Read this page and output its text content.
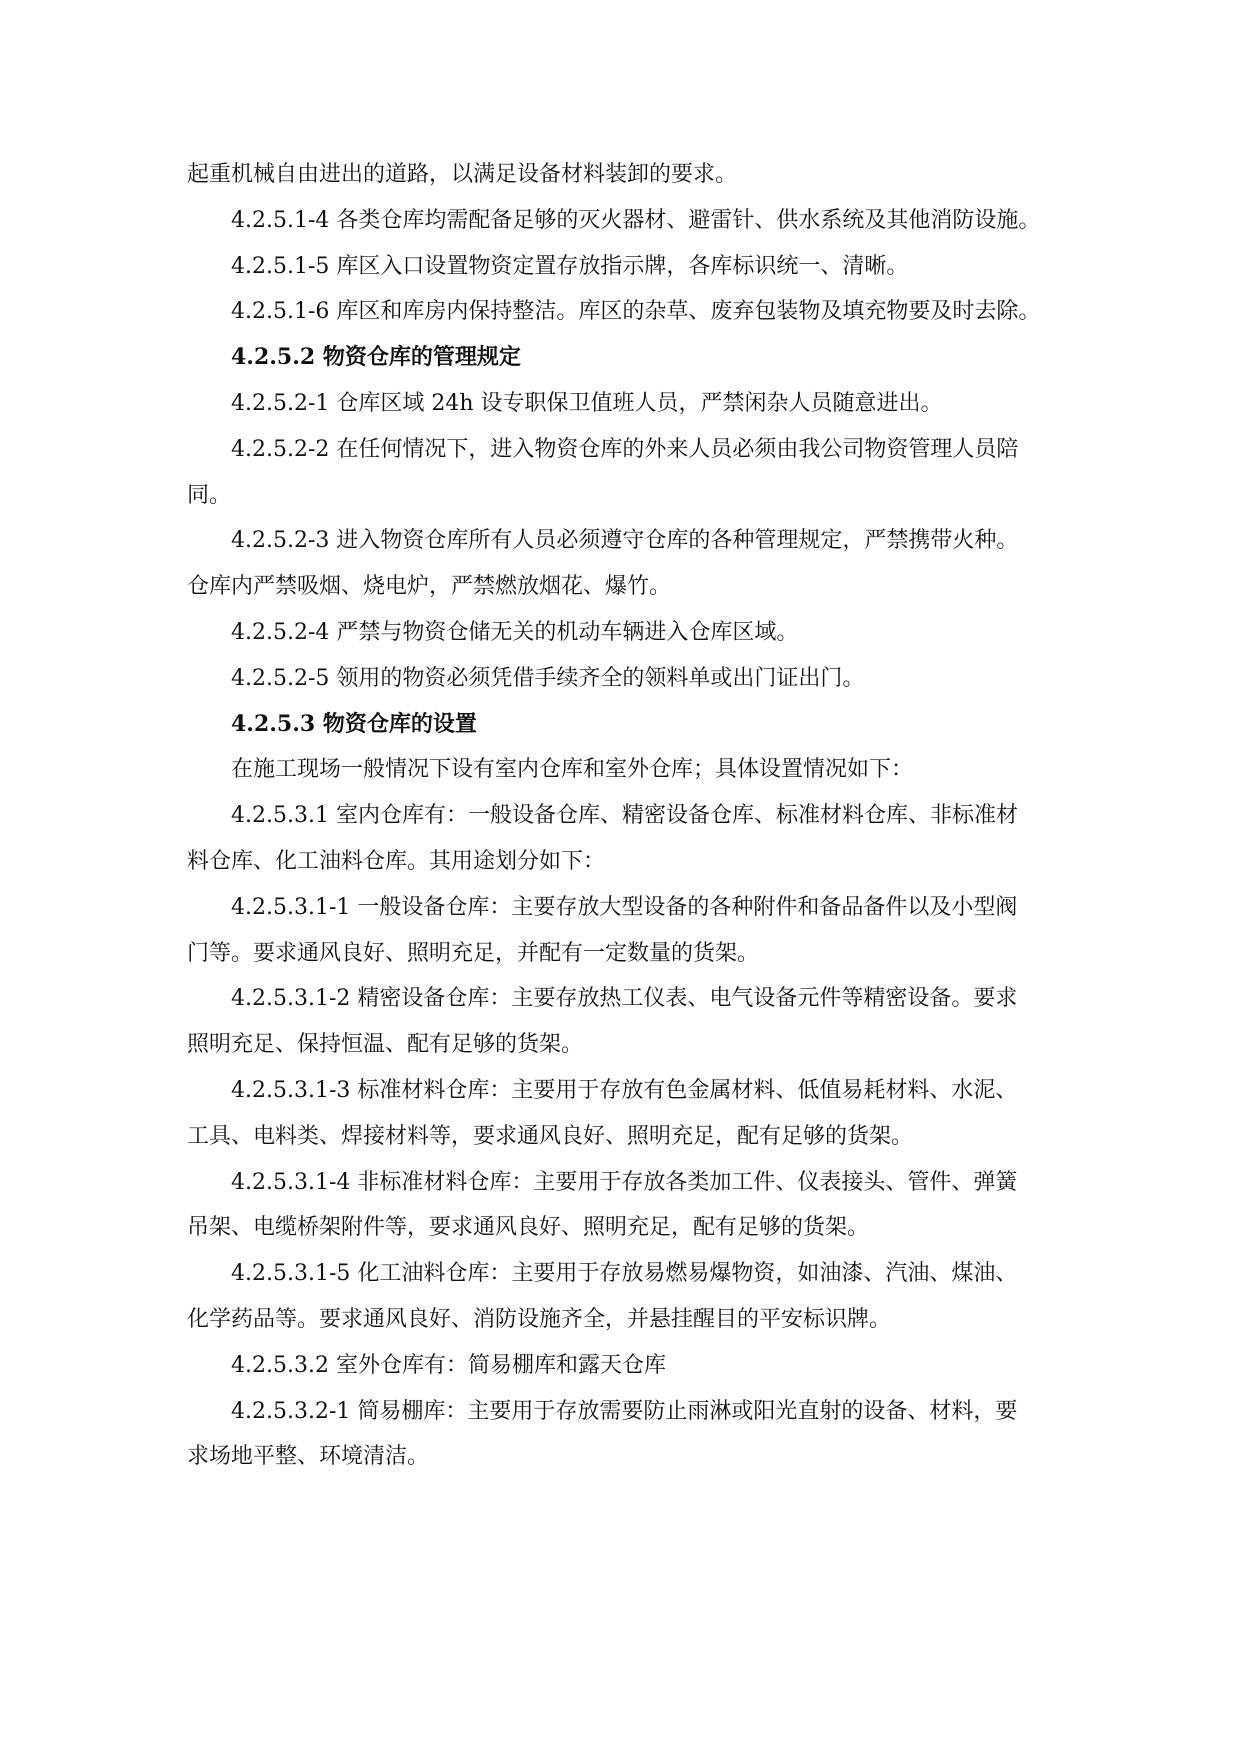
起重机械自由进出的道路，以满足设备材料装卸的要求。

4.2.5.1-4 各类仓库均需配备足够的灭火器材、避雷针、供水系统及其他消防设施。

4.2.5.1-5 库区入口设置物资定置存放指示牌，各库标识统一、清晰。

4.2.5.1-6 库区和库房内保持整洁。库区的杂草、废弃包装物及填充物要及时去除。

4.2.5.2 物资仓库的管理规定

4.2.5.2-1 仓库区域 24h 设专职保卫值班人员，严禁闲杂人员随意进出。

4.2.5.2-2 在任何情况下，进入物资仓库的外来人员必须由我公司物资管理人员陪

同。

4.2.5.2-3 进入物资仓库所有人员必须遵守仓库的各种管理规定，严禁携带火种。

仓库内严禁吸烟、烧电炉，严禁燃放烟花、爆竹。

4.2.5.2-4 严禁与物资仓储无关的机动车辆进入仓库区域。

4.2.5.2-5 领用的物资必须凭借手续齐全的领料单或出门证出门。

4.2.5.3 物资仓库的设置

在施工现场一般情况下设有室内仓库和室外仓库；具体设置情况如下：

4.2.5.3.1 室内仓库有：一般设备仓库、精密设备仓库、标准材料仓库、非标准材

料仓库、化工油料仓库。其用途划分如下：

4.2.5.3.1-1 一般设备仓库：主要存放大型设备的各种附件和备品备件以及小型阀

门等。要求通风良好、照明充足，并配有一定数量的货架。

4.2.5.3.1-2 精密设备仓库：主要存放热工仪表、电气设备元件等精密设备。要求

照明充足、保持恒温、配有足够的货架。

4.2.5.3.1-3 标准材料仓库：主要用于存放有色金属材料、低值易耗材料、水泥、

工具、电料类、焊接材料等，要求通风良好、照明充足，配有足够的货架。

4.2.5.3.1-4 非标准材料仓库：主要用于存放各类加工件、仪表接头、管件、弹簧

吊架、电缆桥架附件等，要求通风良好、照明充足，配有足够的货架。

4.2.5.3.1-5 化工油料仓库：主要用于存放易燃易爆物资，如油漆、汽油、煤油、

化学药品等。要求通风良好、消防设施齐全，并悬挂醒目的平安标识牌。

4.2.5.3.2 室外仓库有：简易棚库和露天仓库

4.2.5.3.2-1 简易棚库：主要用于存放需要防止雨淋或阳光直射的设备、材料，要

求场地平整、环境清洁。
